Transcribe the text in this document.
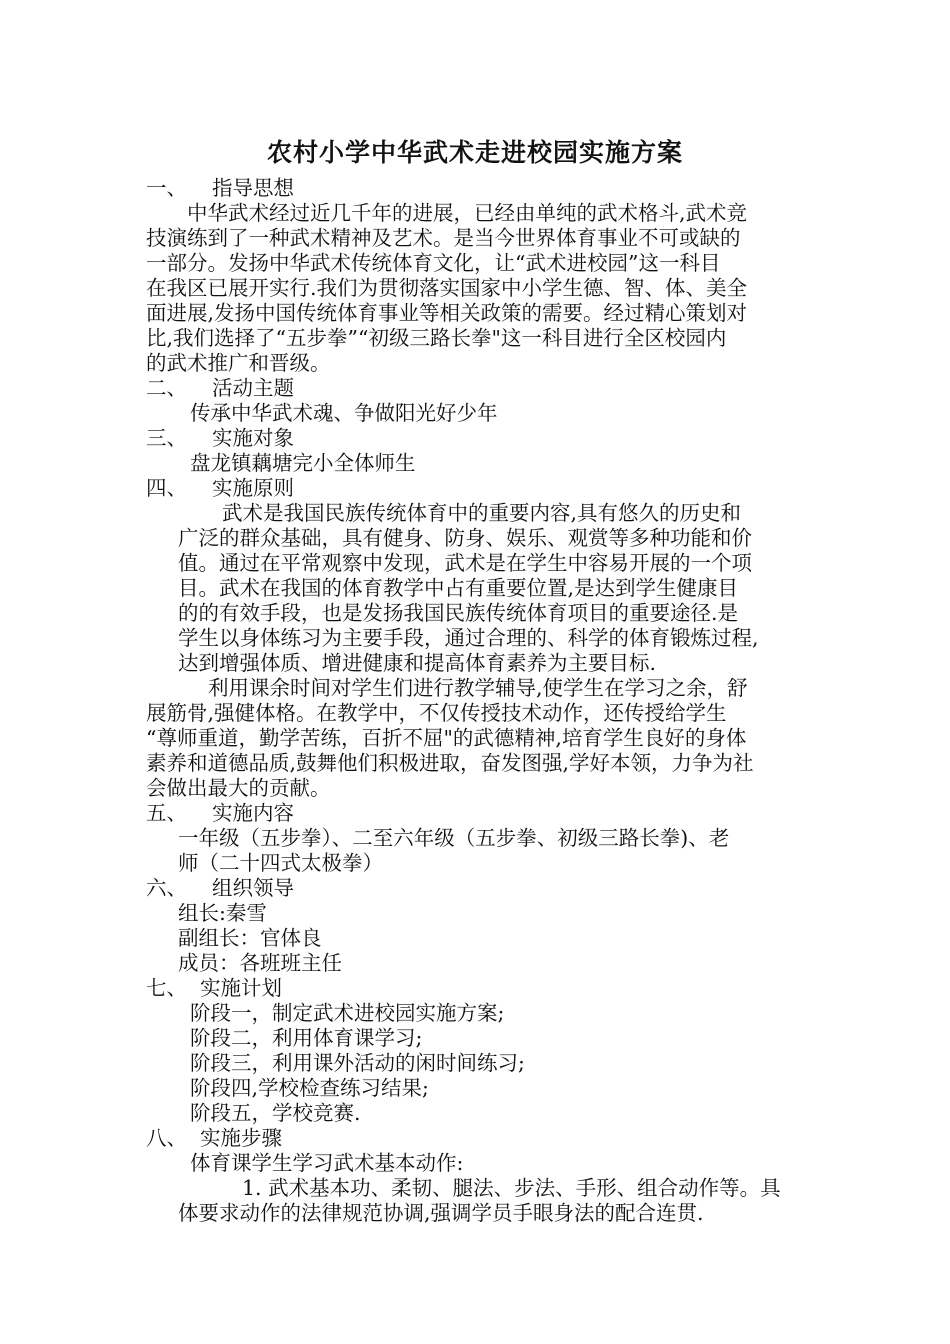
农村小学中华武术走进校园实施方案
一、 指导思想
中华武术经过近几千年的进展，已经由单纯的武术格斗,武术竞
技演练到了一种武术精神及艺术。是当今世界体育事业不可或缺的
一部分。发扬中华武术传统体育文化，让“武术进校园”这一科目
在我区已展开实行.我们为贯彻落实国家中小学生德、智、体、美全
面进展,发扬中国传统体育事业等相关政策的需要。经过精心策划对
比,我们选择了“五步拳”“初级三路长拳"这一科目进行全区校园内
的武术推广和晋级。
二、 活动主题
传承中华武术魂、争做阳光好少年
三、 实施对象
盘龙镇藕塘完小全体师生
四、 实施原则
武术是我国民族传统体育中的重要内容,具有悠久的历史和
广泛的群众基础，具有健身、防身、娱乐、观赏等多种功能和价
值。通过在平常观察中发现，武术是在学生中容易开展的一个项
目。武术在我国的体育教学中占有重要位置,是达到学生健康目
的的有效手段，也是发扬我国民族传统体育项目的重要途径.是
学生以身体练习为主要手段，通过合理的、科学的体育锻炼过程,
达到增强体质、增进健康和提高体育素养为主要目标.
利用课余时间对学生们进行教学辅导,使学生在学习之余，舒
展筋骨,强健体格。在教学中，不仅传授技术动作，还传授给学生
“尊师重道，勤学苦练，百折不屈"的武德精神,培育学生良好的身体
素养和道德品质,鼓舞他们积极进取，奋发图强,学好本领，力争为社
会做出最大的贡献。
五、 实施内容
一年级（五步拳）、二至六年级（五步拳、初级三路长拳)、老
师（二十四式太极拳）
六、 组织领导
组长:秦雪
副组长：官体良
成员：各班班主任
七、 实施计划
阶段一，制定武术进校园实施方案;
阶段二，利用体育课学习;
阶段三，利用课外活动的闲时间练习;
阶段四,学校检查练习结果;
阶段五，学校竞赛.
八、 实施步骤
体育课学生学习武术基本动作:
1. 武术基本功、柔韧、腿法、步法、手形、组合动作等。具
体要求动作的法律规范协调,强调学员手眼身法的配合连贯.
